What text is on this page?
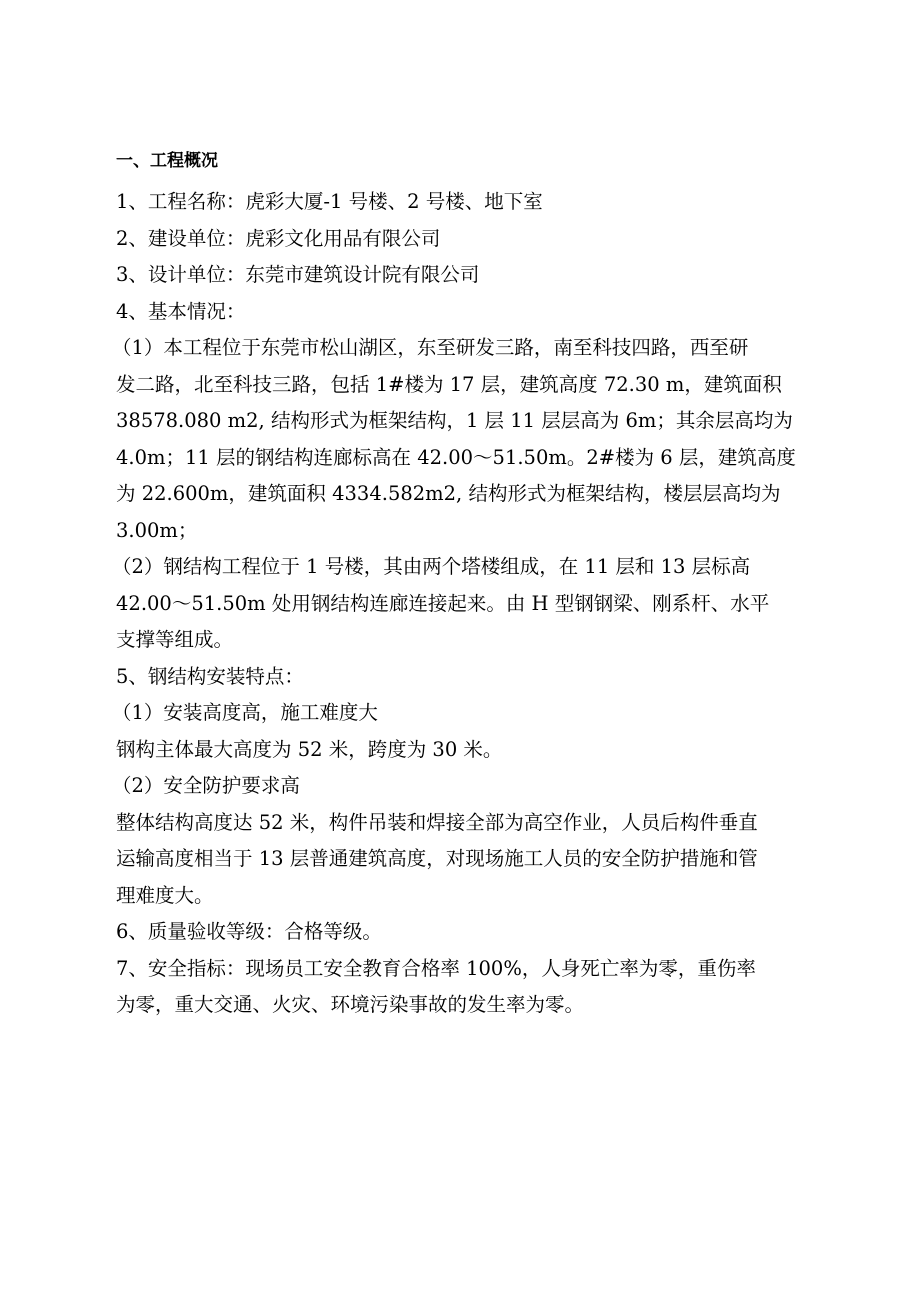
一、工程概况
1、工程名称：虎彩大厦-1 号楼、2 号楼、地下室
2、建设单位：虎彩文化用品有限公司
3、设计单位：东莞市建筑设计院有限公司
4、基本情况：
（1）本工程位于东莞市松山湖区，东至研发三路，南至科技四路，西至研
发二路，北至科技三路，包括 1#楼为 17 层，建筑高度 72.30 m，建筑面积
38578.080 m2, 结构形式为框架结构，1 层 11 层层高为 6m；其余层高均为
4.0m；11 层的钢结构连廊标高在 42.00～51.50m。2#楼为 6 层，建筑高度
为 22.600m，建筑面积 4334.582m2, 结构形式为框架结构，楼层层高均为
3.00m；
（2）钢结构工程位于 1 号楼，其由两个塔楼组成，在 11 层和 13 层标高
42.00～51.50m 处用钢结构连廊连接起来。由 H 型钢钢梁、刚系杆、水平
支撑等组成。
5、钢结构安装特点：
（1）安装高度高，施工难度大
钢构主体最大高度为 52 米，跨度为 30 米。
（2）安全防护要求高
整体结构高度达 52 米，构件吊装和焊接全部为高空作业，人员后构件垂直
运输高度相当于 13 层普通建筑高度，对现场施工人员的安全防护措施和管
理难度大。
6、质量验收等级：合格等级。
7、安全指标：现场员工安全教育合格率 100%，人身死亡率为零，重伤率
为零，重大交通、火灾、环境污染事故的发生率为零。
